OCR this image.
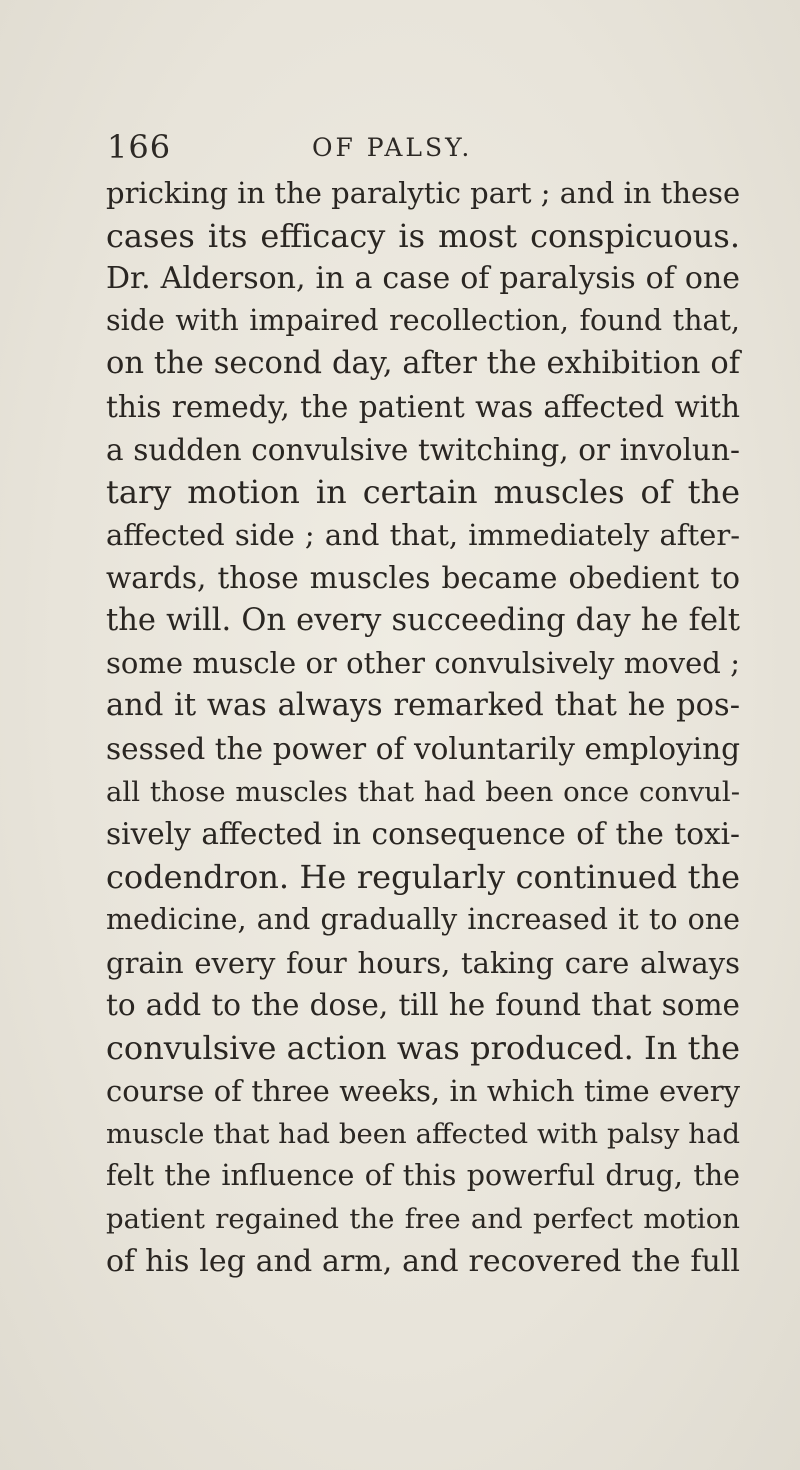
166	OF PALSY.
pricking in the paralytic part ; and in these
cases its efficacy is most conspicuous.
Dr. Alderson, in a case of paralysis of one
side with impaired recollection, found that,
on the second day, after the exhibition of
this remedy, the patient was affected with
a sudden convulsive twitching, or involun-
tary motion in certain muscles of the
affected side ; and that, immediately after-
wards, those muscles became obedient to
the will. On every succeeding day he felt
some muscle or other convulsively moved ;
and it was always remarked that he pos-
sessed the power of voluntarily employing
all those muscles that had been once convul-
sively affected in consequence of the toxi-
codendron. He regularly continued the
medicine, and gradually increased it to one
grain every four hours, taking care always
to add to the dose, till he found that some
convulsive action was produced. In the
course of three weeks, in which time every
muscle that had been affected with palsy had
felt the influence of this powerful drug, the
patient regained the free and perfect motion
of his leg and arm, and recovered the full
